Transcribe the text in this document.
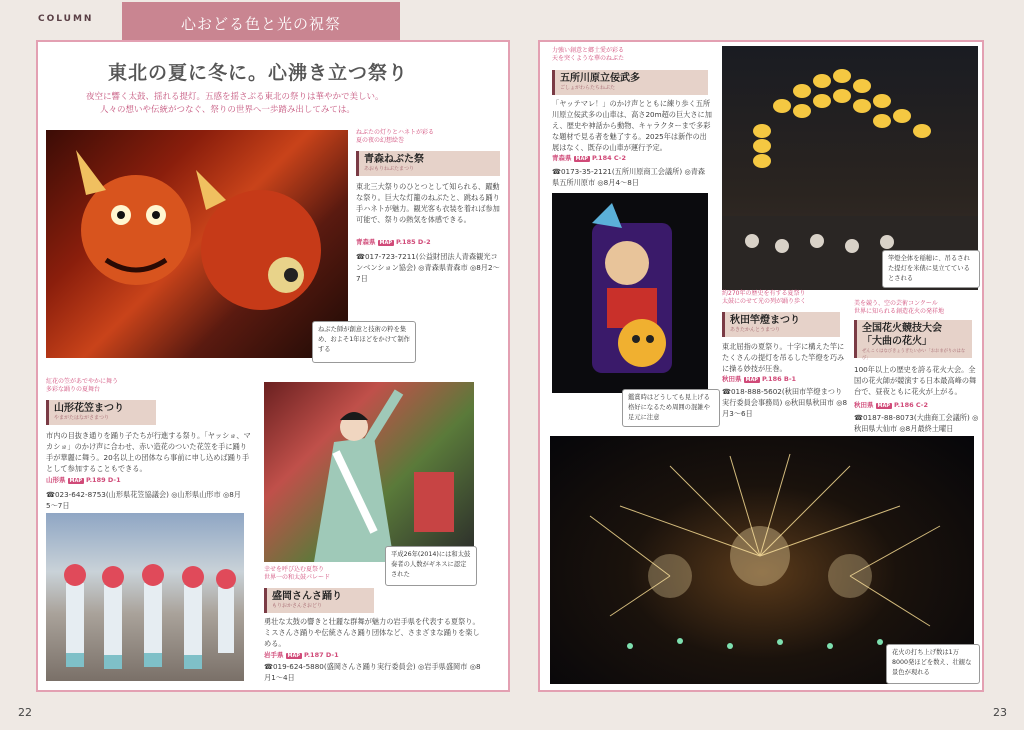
COLUMN	心おどる色と光の祝祭
22	23
東北の夏に冬に。心沸き立つ祭り
夜空に響く太鼓、揺れる提灯。五感を揺さぶる東北の祭りは華やかで美しい。
人々の想いや伝統がつなぐ、祭りの世界へ一歩踏み出してみては。
ねぶた師が創意と技術の粋を集め、およそ1年ほどをかけて制作する
ねぶたの灯りとハネトが彩る
夏の夜の幻想絵巻
青森ねぶた祭
あおもりねぶたまつり
東北三大祭りのひとつとして知られる、躍動な祭り。巨大な灯籠のねぶたと、跳ねる踊り手ハネトが魅力。観光客も衣装を着れば参加可能で、祭りの熱気を体感できる。
青森県 MAP P.185 D-2
☎017-723-7211(公益財団法人青森観光コンベンション協会) ◎青森県青森市 ◎8月2〜7日
紅花の笠があでやかに舞う
多彩な踊りの夏舞台
山形花笠まつり
やまがたはながさまつり
市内の目抜き通りを踊り子たちが行進する祭り。「ヤッショ、マカショ」のかけ声に合わせ、赤い造花のついた花笠を手に踊り手が華麗に舞う。20名以上の団体なら事前に申し込めば踊り手として参加することもできる。
山形県 MAP P.189 D-1
☎023-642-8753(山形県花笠協議会) ◎山形県山形市 ◎8月5〜7日
平成26年(2014)には和太鼓奏者の人数がギネスに認定された
幸せを呼び込む夏祭り
世界一の和太鼓パレード
盛岡さんさ踊り
もりおかさんさおどり
勇壮な太鼓の響きと壮麗な群舞が魅力の岩手県を代表する夏祭り。ミスさんさ踊りや伝統さんさ踊り団体など、さまざまな踊りを楽しめる。
岩手県 MAP P.187 D-1
☎019-624-5880(盛岡さんさ踊り実行委員会) ◎岩手県盛岡市 ◎8月1〜4日
力強い創意と郷土愛が彩る
天を突くような華のねぶた
五所川原立佞武多
ごしょがわらたちねぷた
「ヤッテマレ！」のかけ声とともに練り歩く五所川原立佞武多の山車は、高さ20m超の巨大さに加え、歴史や神話から動物、キャラクターまで多彩な題材で見る者を魅了する。2025年は新作の出展はなく、既存の山車が運行予定。
青森県 MAP P.184 C-2
☎0173-35-2121(五所川原商工会議所) ◎青森県五所川原市 ◎8月4〜8日
鑑賞時はどうしても見上げる格好になるため周囲の混雑や足元に注意
竿燈全体を稲穂に、吊るされた提灯を米俵に見立てているとされる
約270年の歴史を有する夏祭り
太鼓にのせて光の列が踊り歩く
秋田竿燈まつり
あきたかんとうまつり
東北屈指の夏祭り。十字に構えた竿にたくさんの提灯を吊るした竿燈を巧みに操る妙技が圧巻。
秋田県 MAP P.186 B-1
☎018-888-5602(秋田市竿燈まつり実行委員会事務局) ◎秋田県秋田市 ◎8月3〜6日
美を競う、空の芸術コンクール
世界に知られる創造花火の発祥地
全国花火競技大会
「大曲の花火」
ぜんこくはなびきょうぎたいかい「おおまがりのはなび」
100年以上の歴史を誇る花火大会。全国の花火師が競演する日本最高峰の舞台で、昼夜ともに花火が上がる。
秋田県 MAP P.186 C-2
☎0187-88-8073(大曲商工会議所) ◎秋田県大仙市 ◎8月最終土曜日
花火の打ち上げ数は1万8000発ほどを数え、壮観な景色が現れる
